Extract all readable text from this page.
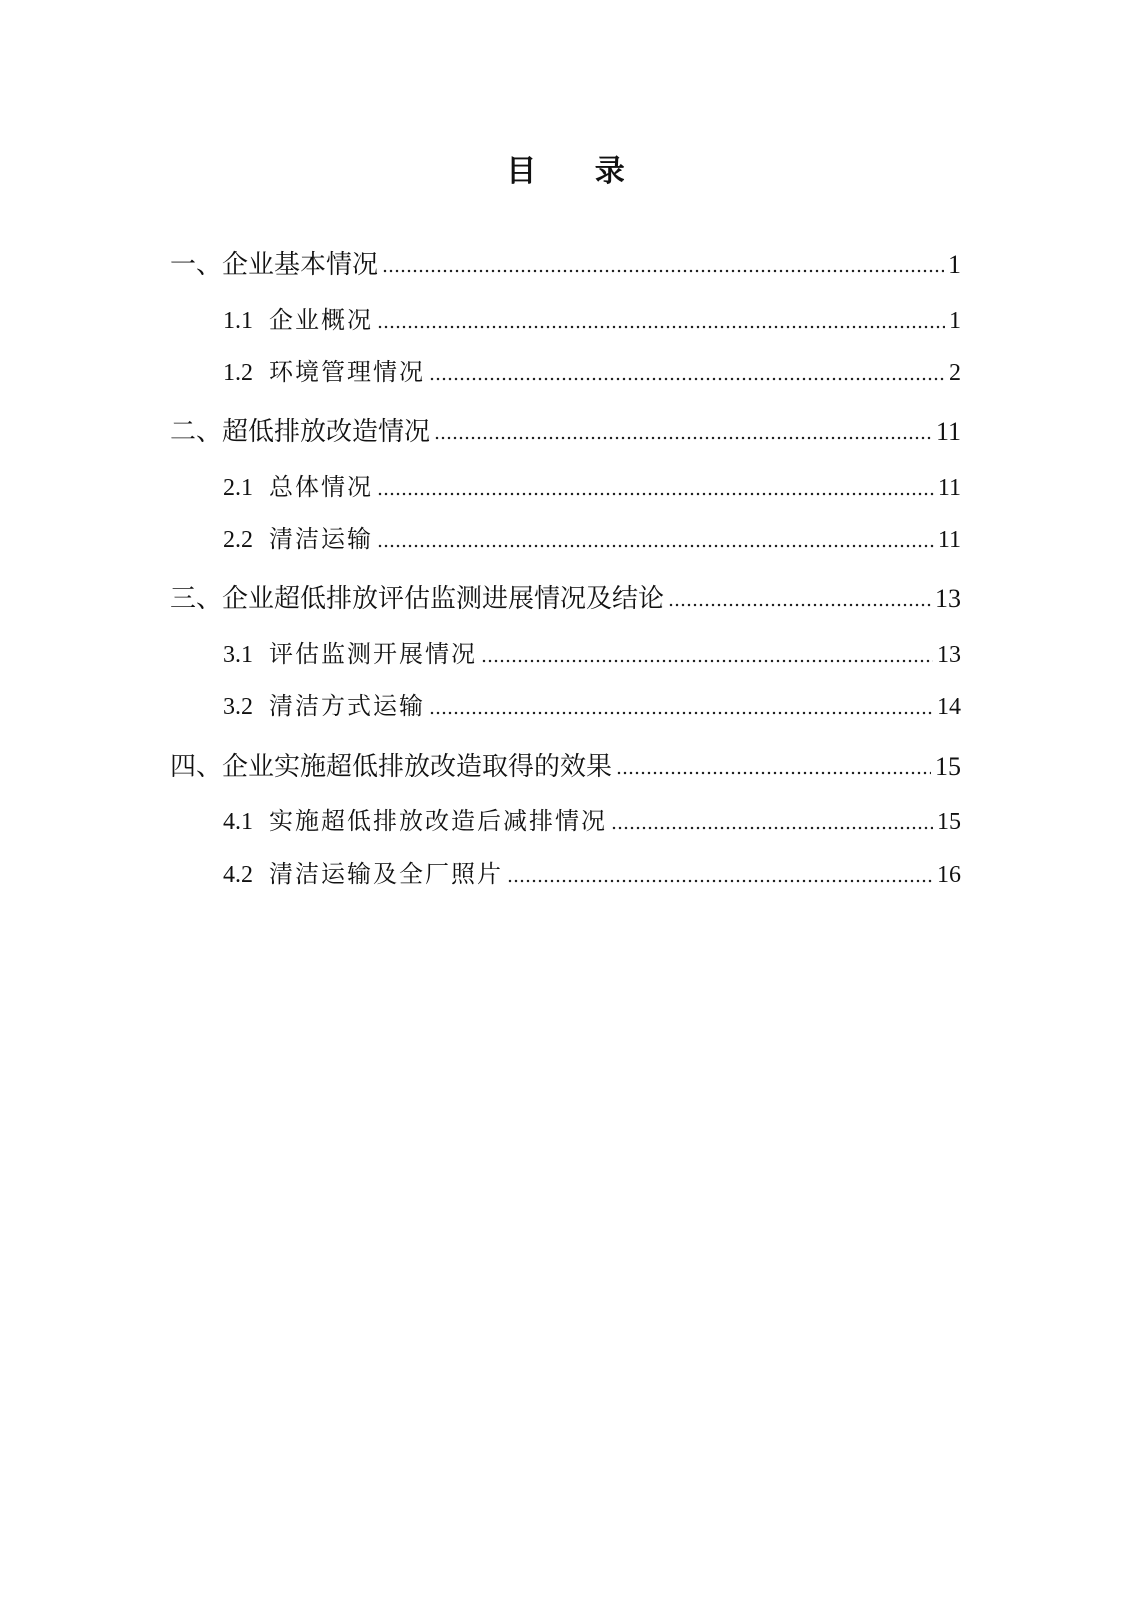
目 录
一、企业基本情况	1
1.1 企业概况	1
1.2 环境管理情况	2
二、超低排放改造情况	11
2.1 总体情况	11
2.2 清洁运输	11
三、企业超低排放评估监测进展情况及结论	13
3.1 评估监测开展情况	13
3.2 清洁方式运输	14
四、企业实施超低排放改造取得的效果	15
4.1 实施超低排放改造后减排情况	15
4.2 清洁运输及全厂照片	16
